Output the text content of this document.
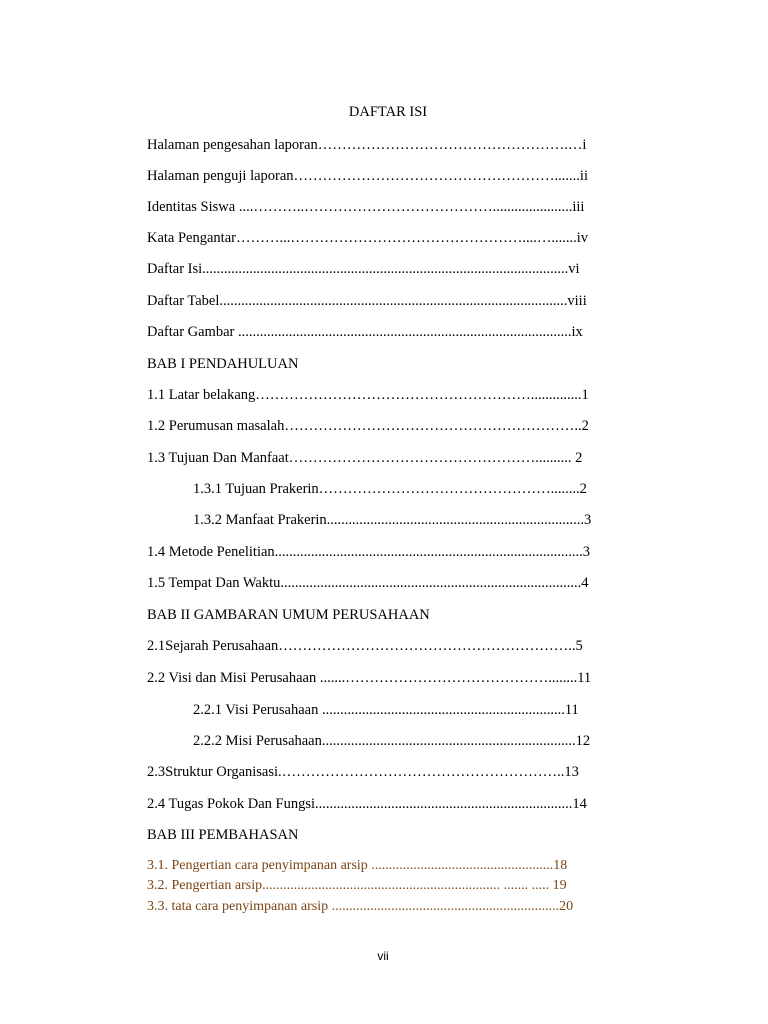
DAFTAR ISI
Halaman pengesahan laporan…………………………………………….…i
Halaman penguji laporan……………………………………………….......ii
Identitas Siswa ....………..…………………………………......................iii
Kata Pengantar………...…………………………………………....….......iv
Daftar Isi.....................................................................................................vi
Daftar Tabel................................................................................................viii
Daftar Gambar ............................................................................................ix
BAB I PENDAHULUAN
1.1 Latar belakang…………………………………………………..............1
1.2 Perumusan masalah……………………………………………………..2
1.3 Tujuan Dan Manfaat…………………………………………….......... 2
1.3.1 Tujuan Prakerin…………………………………………........2
1.3.2 Manfaat Prakerin.......................................................................3
1.4 Metode Penelitian.....................................................................................3
1.5 Tempat Dan Waktu...................................................................................4
BAB II GAMBARAN UMUM PERUSAHAAN
2.1Sejarah Perusahaan……………………………………………………..5
2.2 Visi dan Misi Perusahaan .......……………………………………........11
2.2.1 Visi Perusahaan ...................................................................11
2.2.2 Misi Perusahaan......................................................................12
2.3Struktur Organisasi.…………………………………………………..13
2.4 Tugas Pokok Dan Fungsi.......................................................................14
BAB III PEMBAHASAN
3.1. Pengertian cara penyimpanan arsip ....................................................18
3.2. Pengertian arsip.................................................................... ....... ..... 19
3.3. tata cara penyimpanan arsip .................................................................20
vii
